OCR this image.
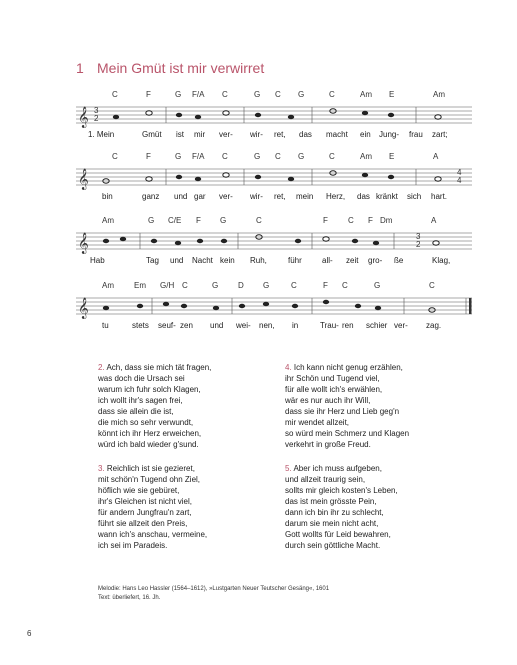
1 Mein Gmüt ist mir verwirret
𝄞 3
2
C	F	G F/A C	G C G	C	Am E	Am
1. Mein	Gmüt ist mir ver- wir- ret, das macht ein Jung- frau zart;
𝄞	4
4
C	F	G F/A C	G C G	C	Am E	A
bin	ganz und gar ver- wir- ret, mein Herz, das kränkt sich hart.
𝄞	3
2
Am	G C/E F G	C	F	C F Dm	A
Hab	Tag und Nacht kein Ruh,	führ	all- zeit gro- ße	Klag,
𝄞
Am	Em G/H C	G D G	C	F C	G	C
tu	stets seuf- zen und wei- nen, in	Trau- ren schier ver- zag.
2. Ach, dass sie mich tät fragen,
was doch die Ursach sei
warum ich fuhr solch Klagen,
ich wollt ihr's sagen frei,
dass sie allein die ist,
die mich so sehr verwundt,
könnt ich ihr Herz erweichen,
würd ich bald wieder g'sund.
3. Reichlich ist sie gezieret,
mit schön'n Tugend ohn Ziel,
höflich wie sie gebüret,
ihr's Gleichen ist nicht viel,
für andern Jungfrau'n zart,
führt sie allzeit den Preis,
wann ich's anschau, vermeine,
ich sei im Paradeis.
4. Ich kann nicht genug erzählen,
ihr Schön und Tugend viel,
für alle wollt ich's erwählen,
wär es nur auch ihr Will,
dass sie ihr Herz und Lieb geg'n
mir wendet allzeit,
so würd mein Schmerz und Klagen
verkehrt in große Freud.
5. Aber ich muss aufgeben,
und allzeit traurig sein,
sollts mir gleich kosten's Leben,
das ist mein grösste Pein,
dann ich bin ihr zu schlecht,
darum sie mein nicht acht,
Gott wollts für Leid bewahren,
durch sein göttliche Macht.
Melodie: Hans Leo Hassler (1564–1612), »Lustgarten Neuer Teutscher Gesäng«, 1601
Text: überliefert, 16. Jh.
6
